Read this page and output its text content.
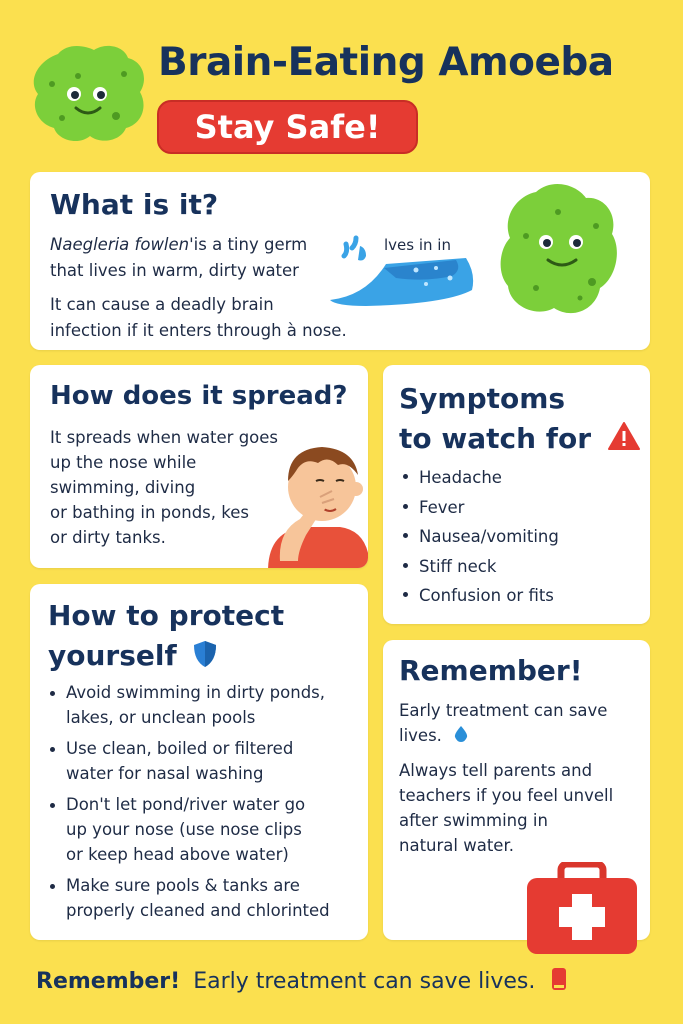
Brain-Eating Amoeba
Stay Safe!
What is it?
Naegleria fowlen'is a tiny germ
that lives in warm, dirty water
It can cause a deadly brain
infection if it enters through à nose.
lves in in
How does it spread?
It spreads when water goes
up the nose while
swimming, diving
or bathing in ponds, kes
or dirty tanks.
Symptoms
to watch for
Headache
Fever
Nausea/vomiting
Stiff neck
Confusion or fits
How to protect
yourself
Avoid swimming in dirty ponds,
lakes, or unclean pools
Use clean, boiled or filtered
water for nasal washing
Don't let pond/river water go
up your nose (use nose clips
or keep head above water)
Make sure pools & tanks are
properly cleaned and chlorinted
Remember!
Early treatment can save
lives.
Always tell parents and
teachers if you feel unvell
after swimming in
natural water.
Remember! Early treatment can save lives.
